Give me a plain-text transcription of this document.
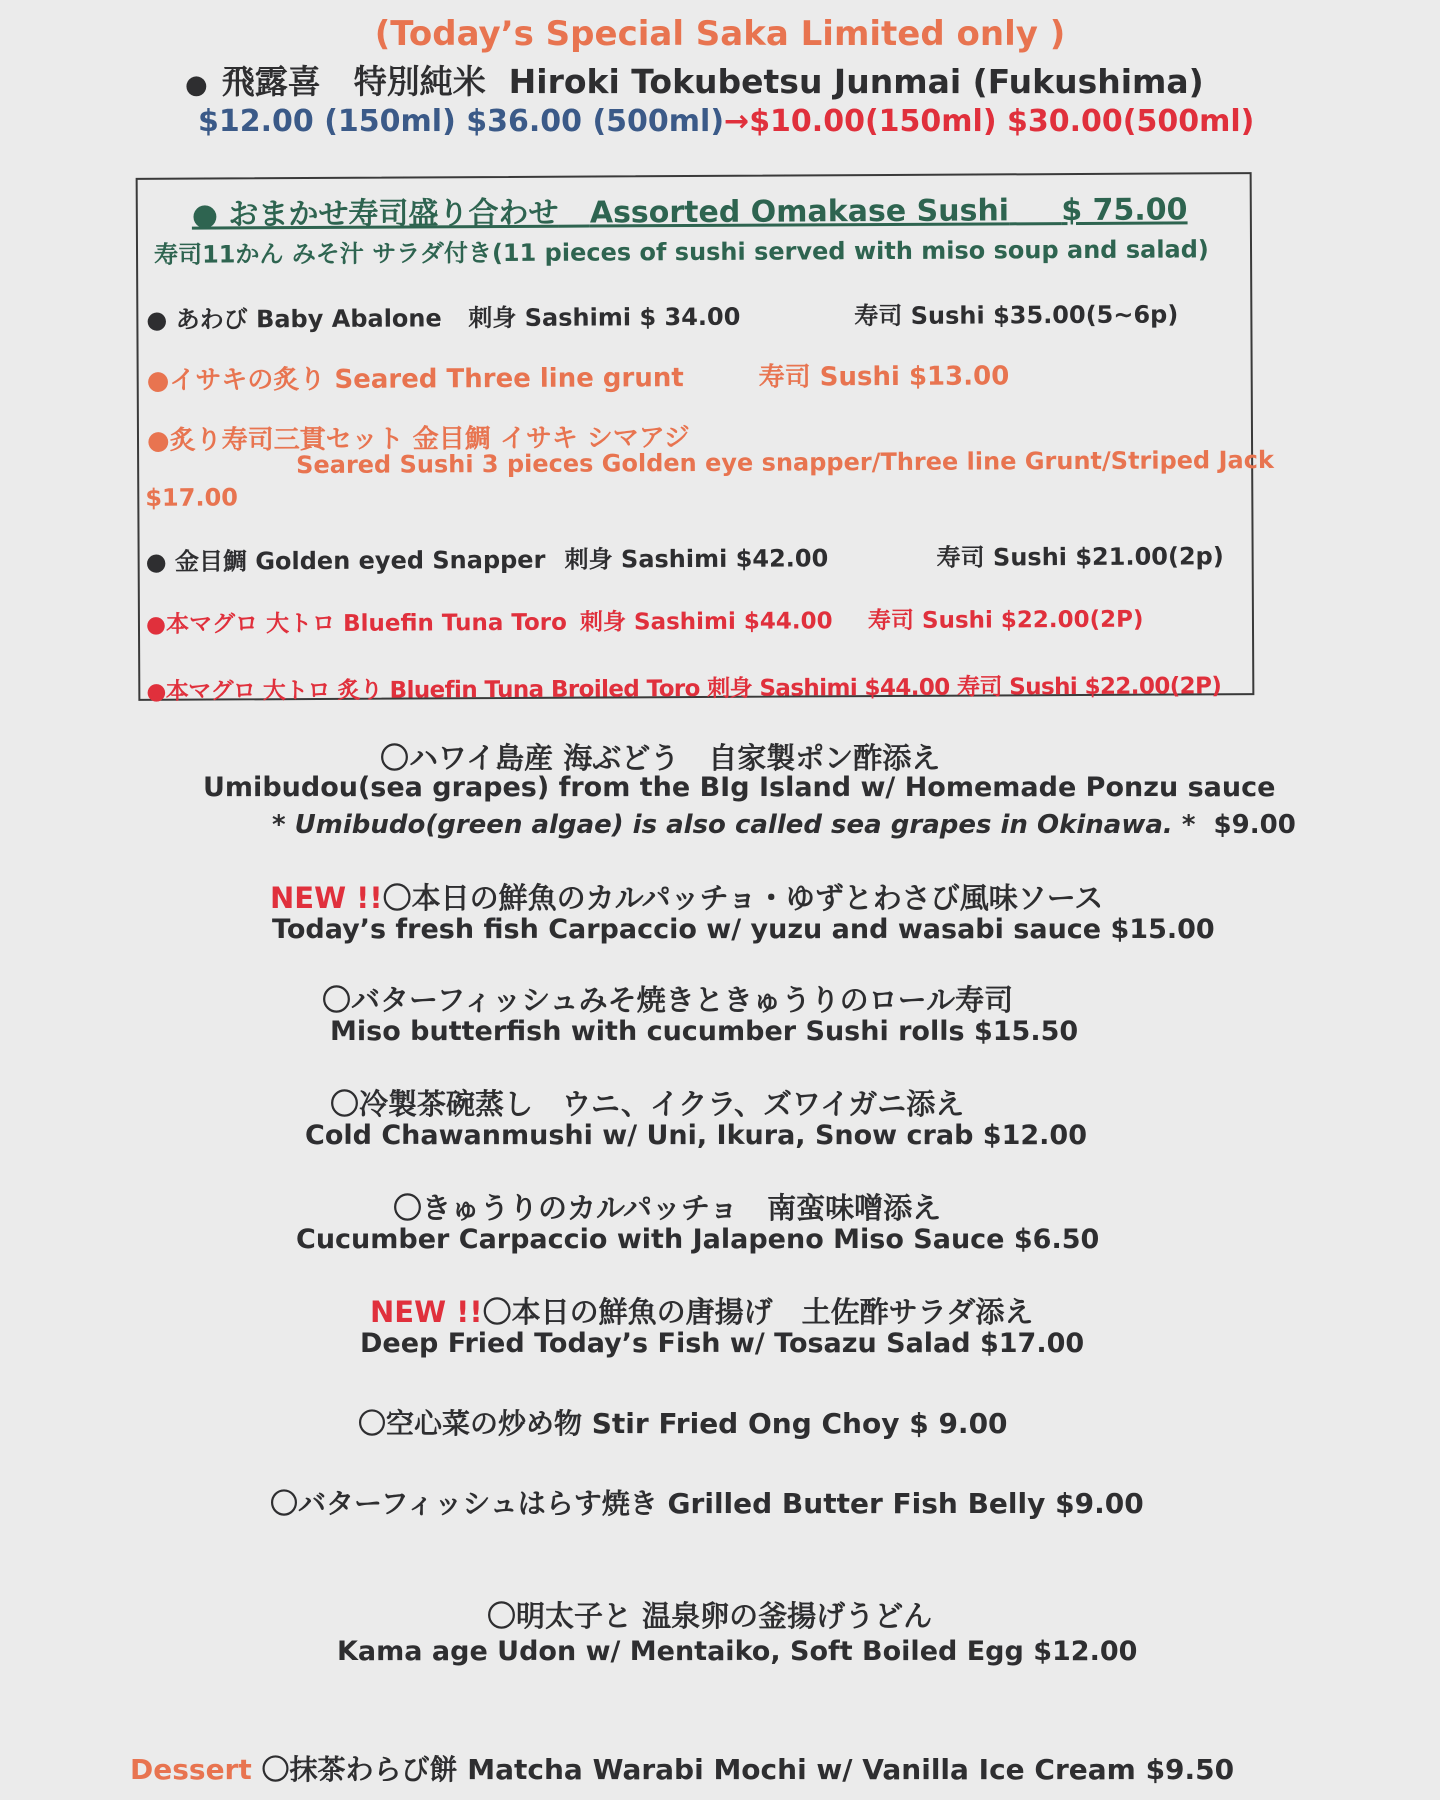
(Today’s Special Saka Limited only )
● 飛露喜　特別純米 Hiroki Tokubetsu Junmai (Fukushima)
$12.00 (150ml) $36.00 (500ml)→$10.00(150ml) $30.00(500ml)
● おまかせ寿司盛り合わせ Assorted Omakase Sushi $ 75.00
寿司11かん みそ汁 サラダ付き(11 pieces of sushi served with miso soup and salad)
● あわび Baby Abalone 刺身 Sashimi $ 34.00	寿司 Sushi $35.00(5~6p)
●イサキの炙り Seared Three line grunt	寿司 Sushi $13.00
●炙り寿司三貫セット 金目鯛 イサキ シマアジ
Seared Sushi 3 pieces Golden eye snapper/Three line Grunt/Striped Jack
$17.00
● 金目鯛 Golden eyed Snapper 刺身 Sashimi $42.00	寿司 Sushi $21.00(2p)
●本マグロ 大トロ Bluefin Tuna Toro 刺身 Sashimi $44.00 寿司 Sushi $22.00(2P)
●本マグロ 大トロ 炙り Bluefin Tuna Broiled Toro 刺身 Sashimi $44.00 寿司 Sushi $22.00(2P)
〇ハワイ島産 海ぶどう　自家製ポン酢添え
Umibudou(sea grapes) from the BIg Island w/ Homemade Ponzu sauce
* Umibudo(green algae) is also called sea grapes in Okinawa. * $9.00
NEW !!〇本日の鮮魚のカルパッチョ・ゆずとわさび風味ソース
Today’s fresh fish Carpaccio w/ yuzu and wasabi sauce $15.00
〇バターフィッシュみそ焼きときゅうりのロール寿司
Miso butterfish with cucumber Sushi rolls $15.50
〇冷製茶碗蒸し　ウニ、イクラ、ズワイガニ添え
Cold Chawanmushi w/ Uni, Ikura, Snow crab $12.00
〇きゅうりのカルパッチョ　南蛮味噌添え
Cucumber Carpaccio with Jalapeno Miso Sauce $6.50
NEW !!〇本日の鮮魚の唐揚げ　土佐酢サラダ添え
Deep Fried Today’s Fish w/ Tosazu Salad $17.00
〇空心菜の炒め物 Stir Fried Ong Choy $ 9.00
〇バターフィッシュはらす焼き Grilled Butter Fish Belly $9.00
〇明太子と 温泉卵の釜揚げうどん
Kama age Udon w/ Mentaiko, Soft Boiled Egg $12.00
Dessert 〇抹茶わらび餅 Matcha Warabi Mochi w/ Vanilla Ice Cream $9.50
